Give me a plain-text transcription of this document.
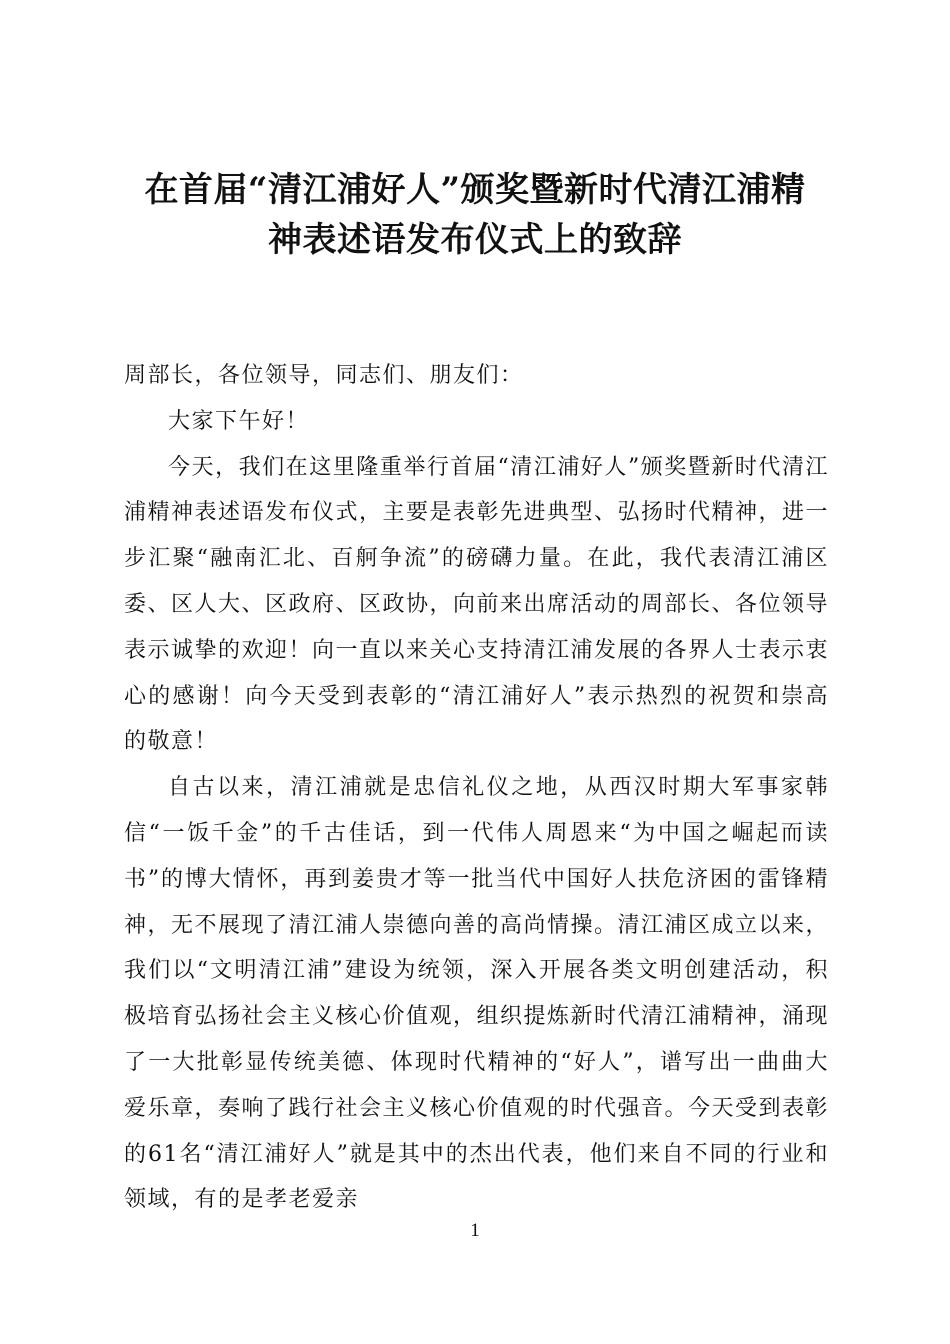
在首届“清江浦好人”颁奖暨新时代清江浦精
神表述语发布仪式上的致辞

周部长，各位领导，同志们、朋友们：

大家下午好！

今天，我们在这里隆重举行首届“清江浦好人”颁奖暨新时代清江浦精神表述语发布仪式，主要是表彰先进典型、弘扬时代精神，进一步汇聚“融南汇北、百舸争流”的磅礴力量。在此，我代表清江浦区委、区人大、区政府、区政协，向前来出席活动的周部长、各位领导表示诚挚的欢迎！向一直以来关心支持清江浦发展的各界人士表示衷心的感谢！向今天受到表彰的“清江浦好人”表示热烈的祝贺和崇高的敬意！

自古以来，清江浦就是忠信礼仪之地，从西汉时期大军事家韩信“一饭千金”的千古佳话，到一代伟人周恩来“为中国之崛起而读书”的博大情怀，再到姜贵才等一批当代中国好人扶危济困的雷锋精神，无不展现了清江浦人崇德向善的高尚情操。清江浦区成立以来，我们以“文明清江浦”建设为统领，深入开展各类文明创建活动，积极培育弘扬社会主义核心价值观，组织提炼新时代清江浦精神，涌现了一大批彰显传统美德、体现时代精神的“好人”，谱写出一曲曲大爱乐章，奏响了践行社会主义核心价值观的时代强音。今天受到表彰的61名“清江浦好人”就是其中的杰出代表，他们来自不同的行业和领域，有的是孝老爱亲

1
